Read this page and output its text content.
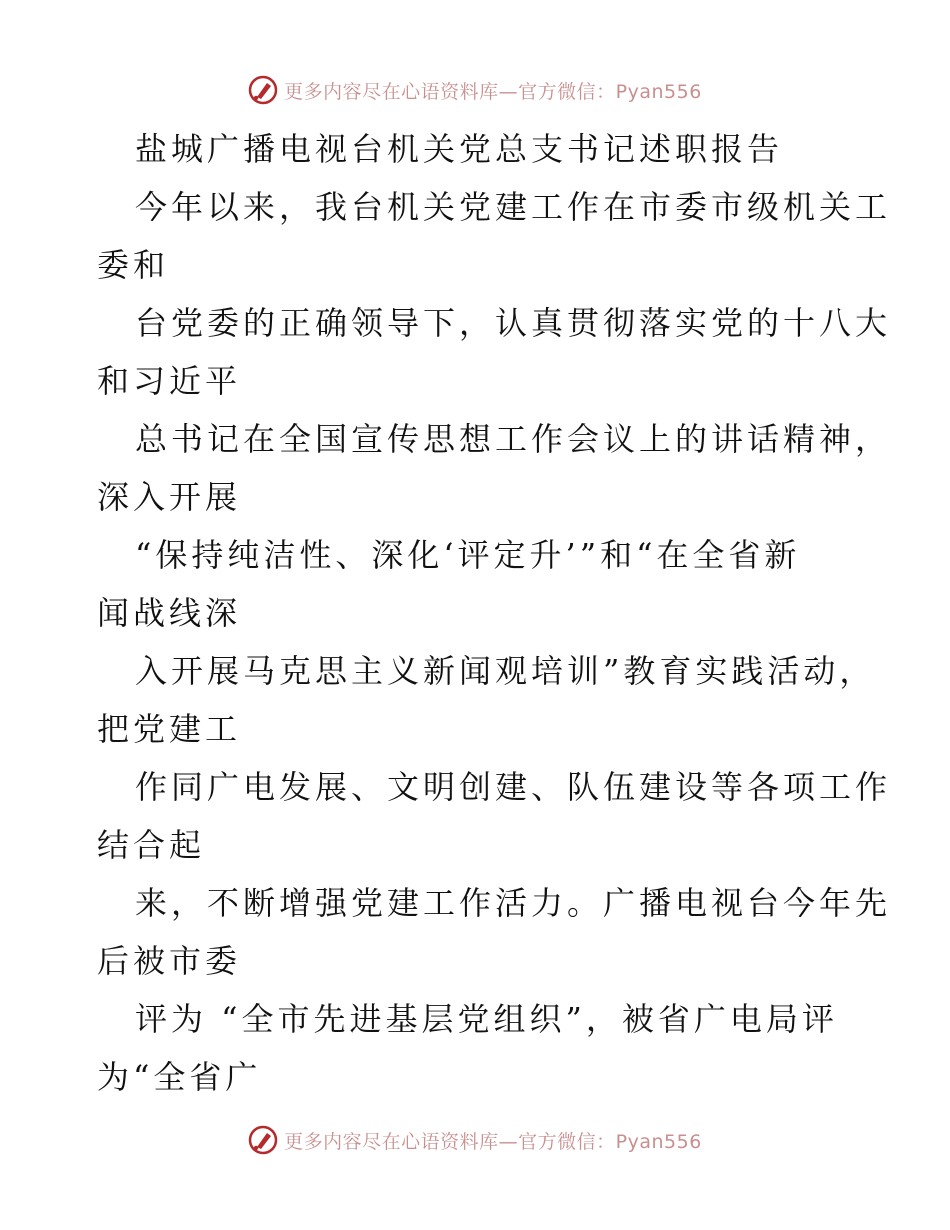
更多内容尽在心语资料库—官方微信：Pyan556
盐城广播电视台机关党总支书记述职报告
今年以来，我台机关党建工作在市委市级机关工
委和
台党委的正确领导下，认真贯彻落实党的十八大
和习近平
总书记在全国宣传思想工作会议上的讲话精神，
深入开展
“保持纯洁性、深化‘评定升’”和“在全省新
闻战线深
入开展马克思主义新闻观培训”教育实践活动，
把党建工
作同广电发展、文明创建、队伍建设等各项工作
结合起
来，不断增强党建工作活力。广播电视台今年先
后被市委
评为 “全市先进基层党组织”，被省广电局评
为“全省广
更多内容尽在心语资料库—官方微信：Pyan556
